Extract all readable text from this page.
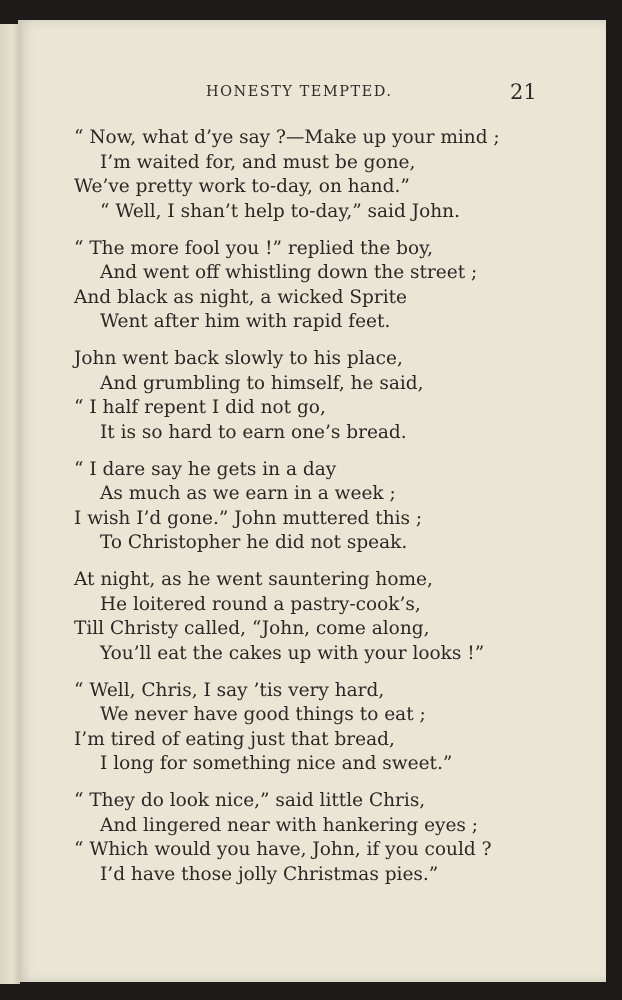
HONESTY TEMPTED.	21
“ Now, what d’ye say ?—Make up your mind ;
I’m waited for, and must be gone,
We’ve pretty work to-day, on hand.”
“ Well, I shan’t help to-day,” said John.
“ The more fool you !” replied the boy,
And went off whistling down the street ;
And black as night, a wicked Sprite
Went after him with rapid feet.
John went back slowly to his place,
And grumbling to himself, he said,
“ I half repent I did not go,
It is so hard to earn one’s bread.
“ I dare say he gets in a day
As much as we earn in a week ;
I wish I’d gone.” John muttered this ;
To Christopher he did not speak.
At night, as he went sauntering home,
He loitered round a pastry-cook’s,
Till Christy called, “John, come along,
You’ll eat the cakes up with your looks !”
“ Well, Chris, I say ’tis very hard,
We never have good things to eat ;
I’m tired of eating just that bread,
I long for something nice and sweet.”
“ They do look nice,” said little Chris,
And lingered near with hankering eyes ;
“ Which would you have, John, if you could ?
I’d have those jolly Christmas pies.”
